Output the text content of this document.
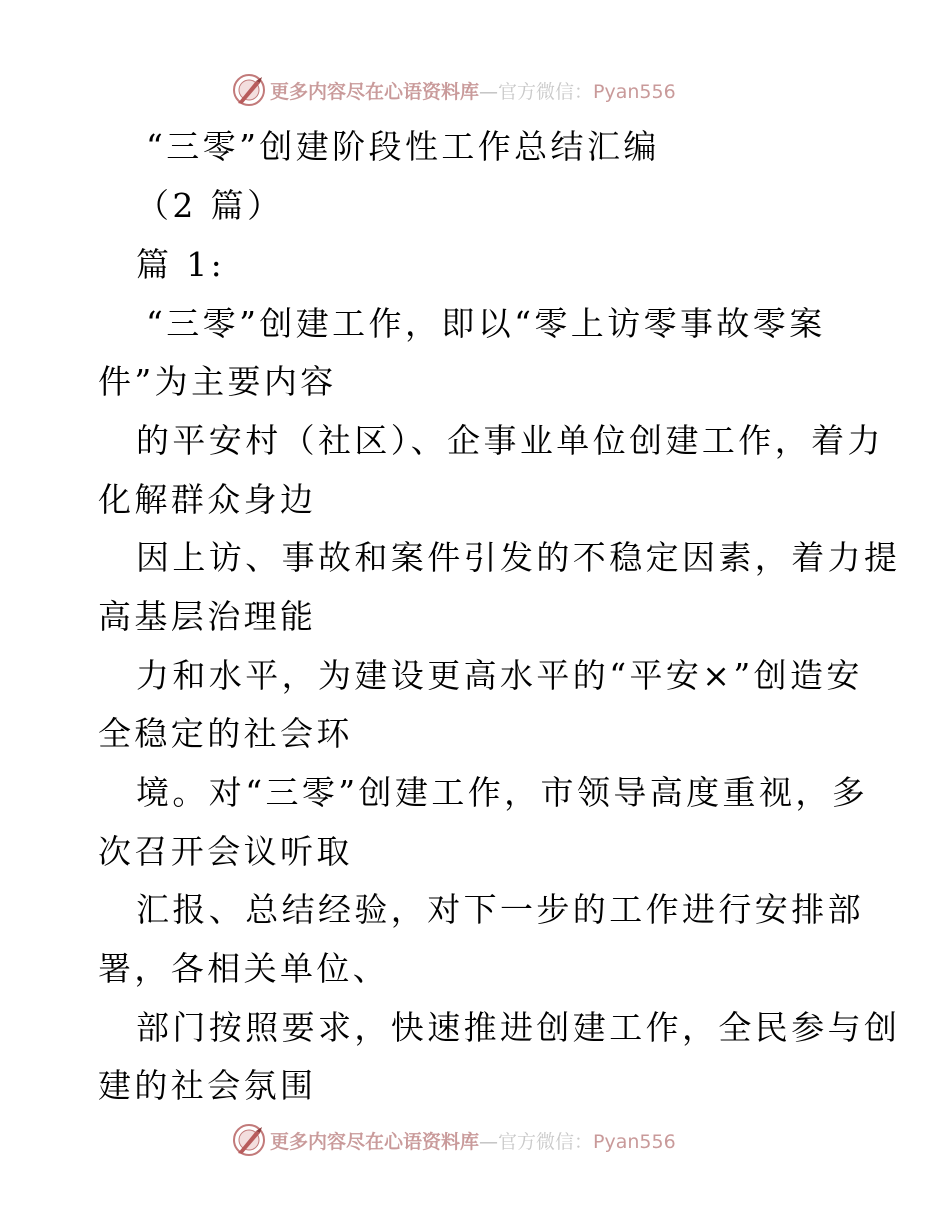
更多内容尽在心语资料库—官方微信：Pyan556
“三零”创建阶段性工作总结汇编
（2 篇）
篇 1:
“三零”创建工作，即以“零上访零事故零案
件”为主要内容
的平安村（社区）、企事业单位创建工作，着力
化解群众身边
因上访、事故和案件引发的不稳定因素，着力提
高基层治理能
力和水平，为建设更高水平的“平安×”创造安
全稳定的社会环
境。对“三零”创建工作，市领导高度重视，多
次召开会议听取
汇报、总结经验，对下一步的工作进行安排部
署，各相关单位、
部门按照要求，快速推进创建工作，全民参与创
建的社会氛围
更多内容尽在心语资料库—官方微信：Pyan556
